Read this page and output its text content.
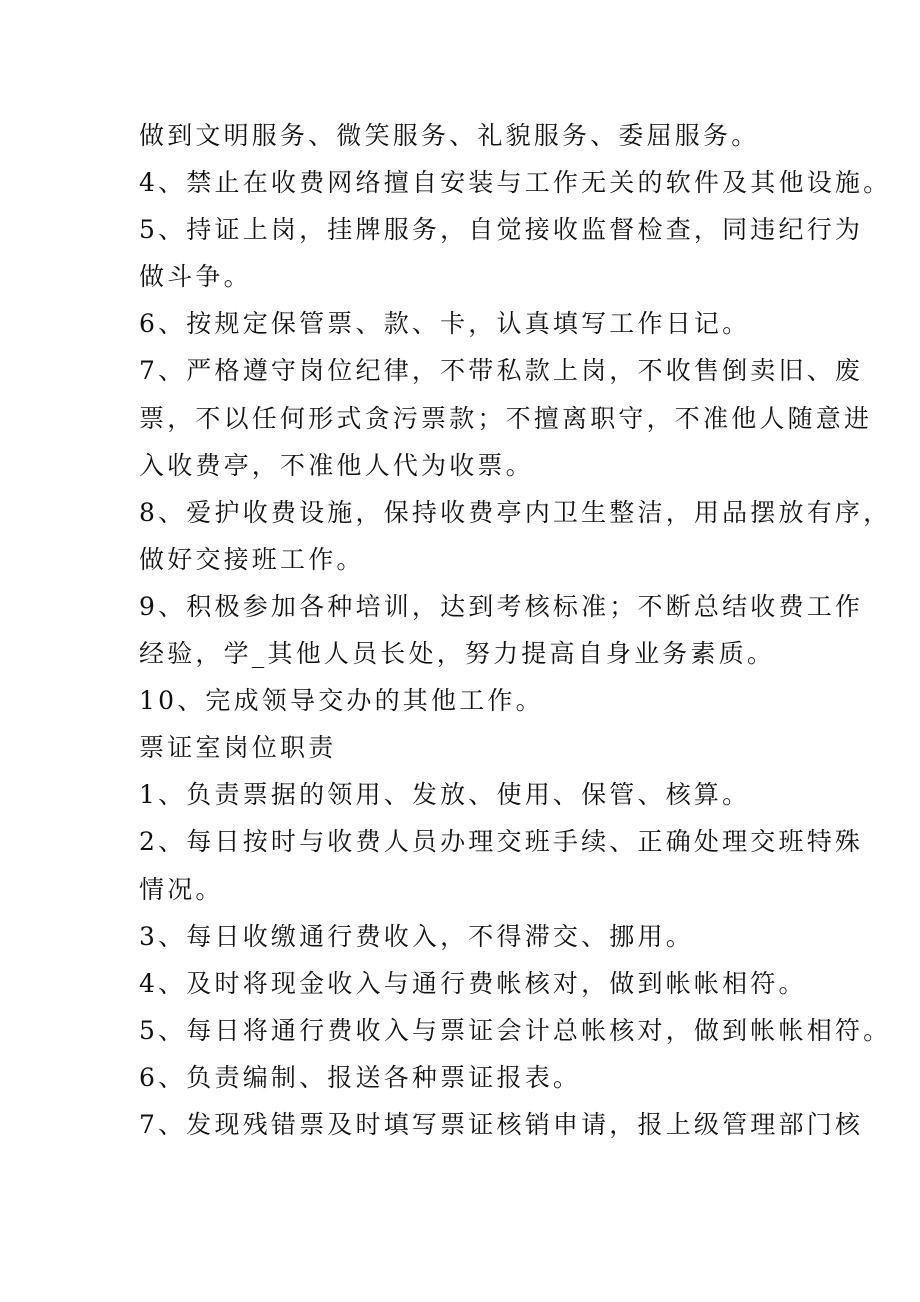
做到文明服务、微笑服务、礼貌服务、委屈服务。
4、禁止在收费网络擅自安装与工作无关的软件及其他设施。
5、持证上岗，挂牌服务，自觉接收监督检查，同违纪行为
做斗争。
6、按规定保管票、款、卡，认真填写工作日记。
7、严格遵守岗位纪律，不带私款上岗，不收售倒卖旧、废
票，不以任何形式贪污票款；不擅离职守，不准他人随意进
入收费亭，不准他人代为收票。
8、爱护收费设施，保持收费亭内卫生整洁，用品摆放有序，
做好交接班工作。
9、积极参加各种培训，达到考核标准；不断总结收费工作
经验，学_其他人员长处，努力提高自身业务素质。
10、完成领导交办的其他工作。
票证室岗位职责
1、负责票据的领用、发放、使用、保管、核算。
2、每日按时与收费人员办理交班手续、正确处理交班特殊
情况。
3、每日收缴通行费收入，不得滞交、挪用。
4、及时将现金收入与通行费帐核对，做到帐帐相符。
5、每日将通行费收入与票证会计总帐核对，做到帐帐相符。
6、负责编制、报送各种票证报表。
7、发现残错票及时填写票证核销申请，报上级管理部门核
